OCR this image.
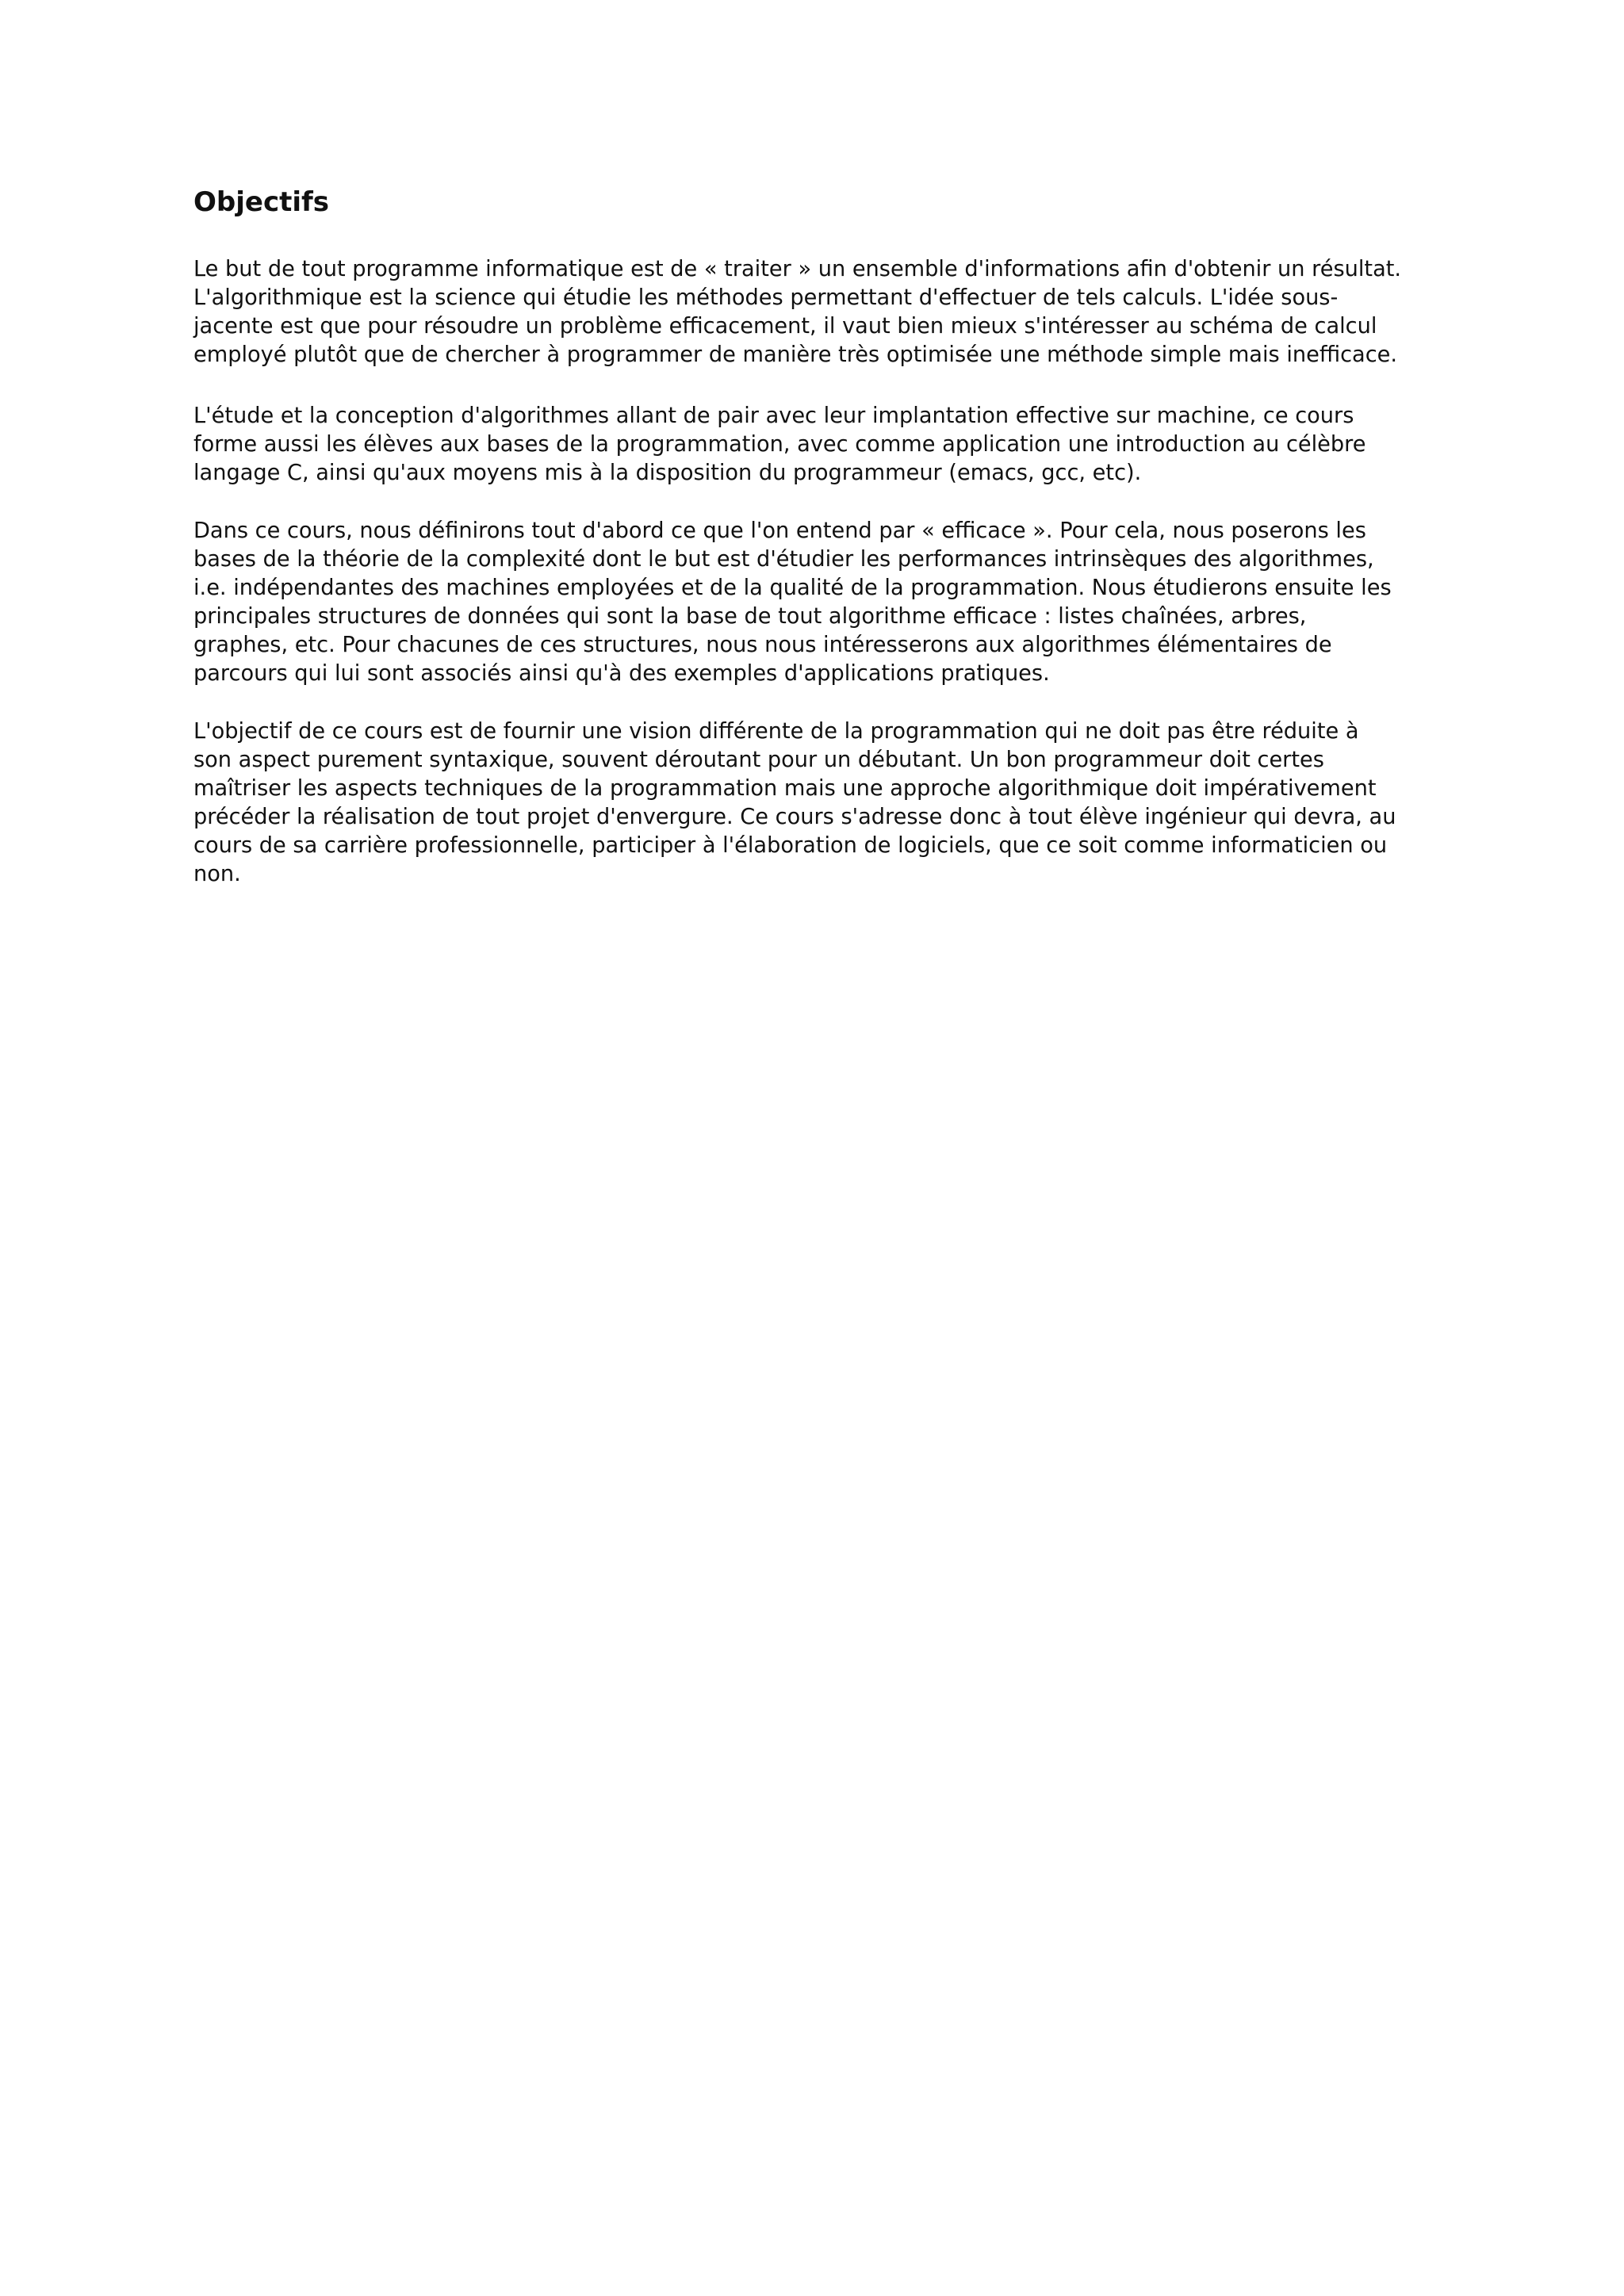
Objectifs

Le but de tout programme informatique est de « traiter » un ensemble d'informations afin d'obtenir un résultat.
L'algorithmique est la science qui étudie les méthodes permettant d'effectuer de tels calculs. L'idée sous-
jacente est que pour résoudre un problème efficacement, il vaut bien mieux s'intéresser au schéma de calcul
employé plutôt que de chercher à programmer de manière très optimisée une méthode simple mais inefficace.

L'étude et la conception d'algorithmes allant de pair avec leur implantation effective sur machine, ce cours
forme aussi les élèves aux bases de la programmation, avec comme application une introduction au célèbre
langage C, ainsi qu'aux moyens mis à la disposition du programmeur (emacs, gcc, etc).

Dans ce cours, nous définirons tout d'abord ce que l'on entend par « efficace ». Pour cela, nous poserons les
bases de la théorie de la complexité dont le but est d'étudier les performances intrinsèques des algorithmes,
i.e. indépendantes des machines employées et de la qualité de la programmation. Nous étudierons ensuite les
principales structures de données qui sont la base de tout algorithme efficace : listes chaînées, arbres,
graphes, etc. Pour chacunes de ces structures, nous nous intéresserons aux algorithmes élémentaires de
parcours qui lui sont associés ainsi qu'à des exemples d'applications pratiques.

L'objectif de ce cours est de fournir une vision différente de la programmation qui ne doit pas être réduite à
son aspect purement syntaxique, souvent déroutant pour un débutant. Un bon programmeur doit certes
maîtriser les aspects techniques de la programmation mais une approche algorithmique doit impérativement
précéder la réalisation de tout projet d'envergure. Ce cours s'adresse donc à tout élève ingénieur qui devra, au
cours de sa carrière professionnelle, participer à l'élaboration de logiciels, que ce soit comme informaticien ou
non.
